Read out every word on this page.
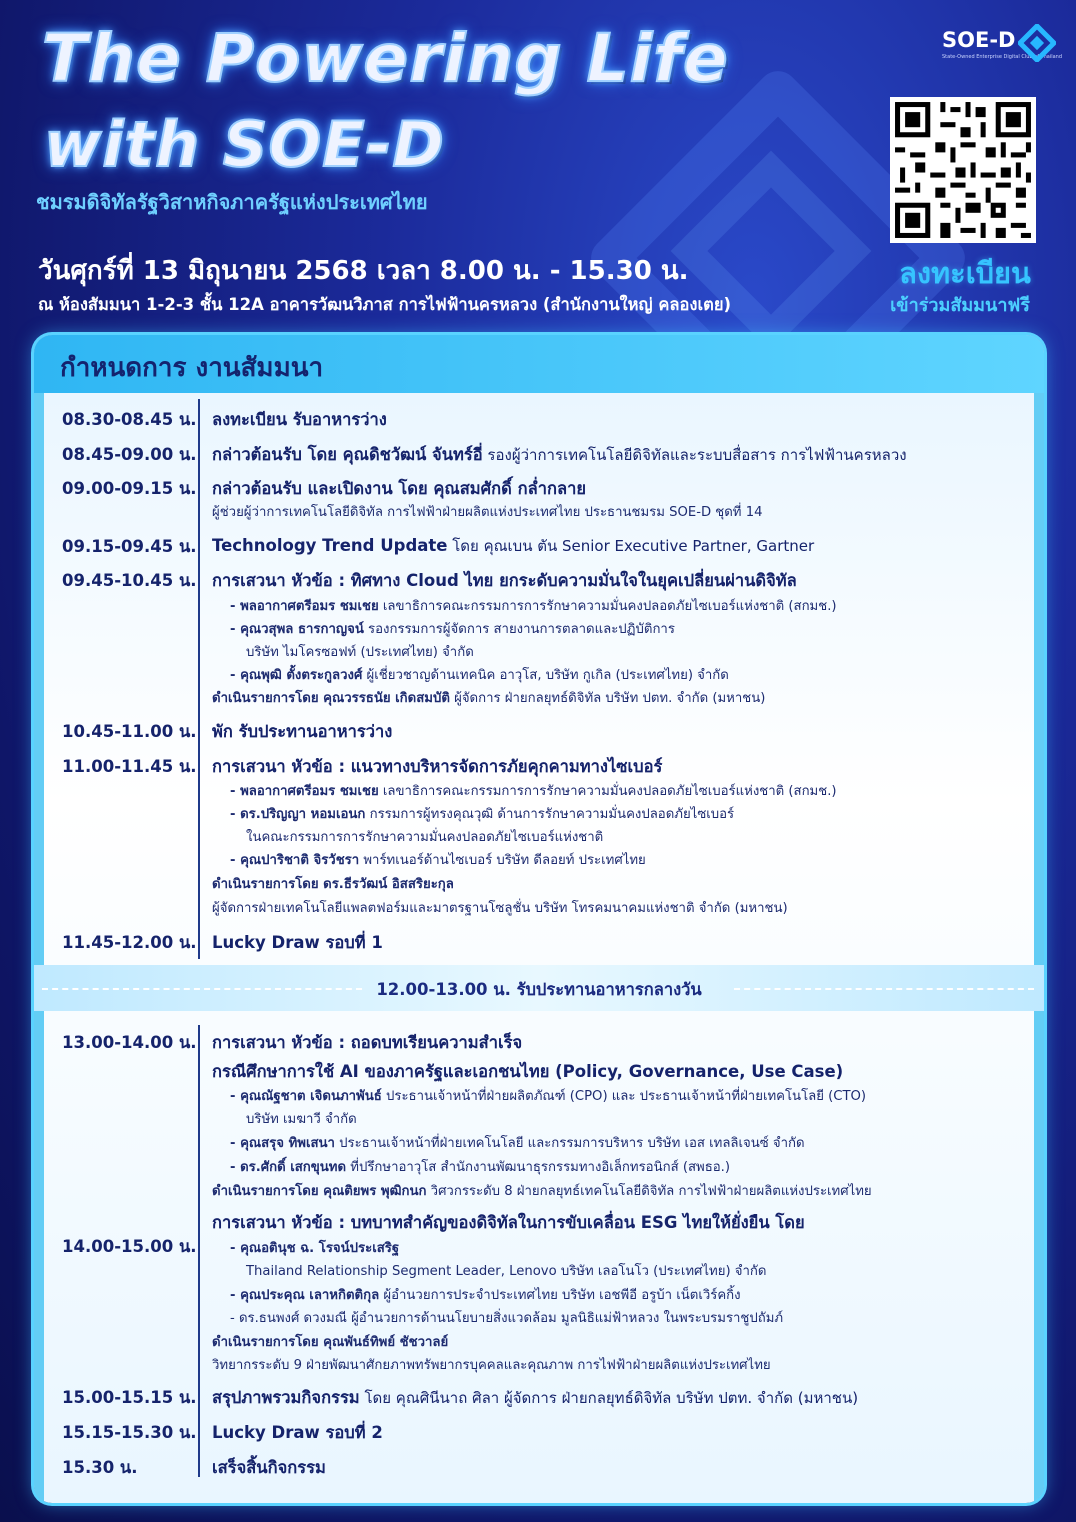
The Powering Life
with SOE-D
ชมรมดิจิทัลรัฐวิสาหกิจภาครัฐแห่งประเทศไทย
วันศุกร์ที่ 13 มิถุนายน 2568 เวลา 8.00 น. - 15.30 น.
ณ ห้องสัมมนา 1-2-3 ชั้น 12A อาคารวัฒนวิภาส การไฟฟ้านครหลวง (สำนักงานใหญ่ คลองเตย)
SOE-D
State-Owned Enterprise Digital Club of Thailand
ลงทะเบียน
เข้าร่วมสัมมนาฟรี
กำหนดการ งานสัมมนา
08.30-08.45 น. ลงทะเบียน รับอาหารว่าง
08.45-09.00 น. กล่าวต้อนรับ โดย คุณดิชวัฒน์ จันทร์อี่ รองผู้ว่าการเทคโนโลยีดิจิทัลและระบบสื่อสาร การไฟฟ้านครหลวง
09.00-09.15 น. กล่าวต้อนรับ และเปิดงาน โดย คุณสมศักดิ์ กล่ำกลาย
ผู้ช่วยผู้ว่าการเทคโนโลยีดิจิทัล การไฟฟ้าฝ่ายผลิตแห่งประเทศไทย ประธานชมรม SOE-D ชุดที่ 14
09.15-09.45 น. Technology Trend Update โดย คุณเบน ตัน Senior Executive Partner, Gartner
09.45-10.45 น. การเสวนา หัวข้อ : ทิศทาง Cloud ไทย ยกระดับความมั่นใจในยุคเปลี่ยนผ่านดิจิทัล
- พลอากาศตรีอมร ชมเชย เลขาธิการคณะกรรมการการรักษาความมั่นคงปลอดภัยไซเบอร์แห่งชาติ (สกมช.)
- คุณวสุพล ธารกาญจน์ รองกรรมการผู้จัดการ สายงานการตลาดและปฏิบัติการ
บริษัท ไมโครซอฟท์ (ประเทศไทย) จำกัด
- คุณพุฒิ ตั้งตระกูลวงศ์ ผู้เชี่ยวชาญด้านเทคนิค อาวุโส, บริษัท กูเกิล (ประเทศไทย) จำกัด
ดำเนินรายการโดย คุณวรรธนัย เกิดสมบัติ ผู้จัดการ ฝ่ายกลยุทธ์ดิจิทัล บริษัท ปตท. จำกัด (มหาชน)
10.45-11.00 น. พัก รับประทานอาหารว่าง
11.00-11.45 น. การเสวนา หัวข้อ : แนวทางบริหารจัดการภัยคุกคามทางไซเบอร์
- พลอากาศตรีอมร ชมเชย เลขาธิการคณะกรรมการการรักษาความมั่นคงปลอดภัยไซเบอร์แห่งชาติ (สกมช.)
- ดร.ปริญญา หอมเอนก กรรมการผู้ทรงคุณวุฒิ ด้านการรักษาความมั่นคงปลอดภัยไซเบอร์
ในคณะกรรมการการรักษาความมั่นคงปลอดภัยไซเบอร์แห่งชาติ
- คุณปาริชาติ จิรวัชรา พาร์ทเนอร์ด้านไซเบอร์ บริษัท ดีลอยท์ ประเทศไทย
ดำเนินรายการโดย ดร.ธีรวัฒน์ อิสสริยะกุล
ผู้จัดการฝ่ายเทคโนโลยีแพลตฟอร์มและมาตรฐานโซลูชั่น บริษัท โทรคมนาคมแห่งชาติ จำกัด (มหาชน)
11.45-12.00 น. Lucky Draw รอบที่ 1
12.00-13.00 น. รับประทานอาหารกลางวัน
13.00-14.00 น. การเสวนา หัวข้อ : ถอดบทเรียนความสำเร็จ
กรณีศึกษาการใช้ AI ของภาครัฐและเอกชนไทย (Policy, Governance, Use Case)
- คุณณัฐชาต เจิดนภาพันธ์ ประธานเจ้าหน้าที่ฝ่ายผลิตภัณฑ์ (CPO) และ ประธานเจ้าหน้าที่ฝ่ายเทคโนโลยี (CTO)
บริษัท เมฆาวี จำกัด
- คุณสรุจ ทิพเสนา ประธานเจ้าหน้าที่ฝ่ายเทคโนโลยี และกรรมการบริหาร บริษัท เอส เทลลิเจนซ์ จำกัด
- ดร.ศักดิ์ เสกขุนทด ที่ปรึกษาอาวุโส สำนักงานพัฒนาธุรกรรมทางอิเล็กทรอนิกส์ (สพธอ.)
ดำเนินรายการโดย คุณติยพร พุฒิกนก วิศวกรระดับ 8 ฝ่ายกลยุทธ์เทคโนโลยีดิจิทัล การไฟฟ้าฝ่ายผลิตแห่งประเทศไทย
การเสวนา หัวข้อ : บทบาทสำคัญของดิจิทัลในการขับเคลื่อน ESG ไทยให้ยั่งยืน โดย
14.00-15.00 น.	- คุณอตินุช ฉ. โรจน์ประเสริฐ
Thailand Relationship Segment Leader, Lenovo บริษัท เลอโนโว (ประเทศไทย) จำกัด
- คุณประคุณ เลาหกิตติกุล ผู้อำนวยการประจำประเทศไทย บริษัท เอชพีอี อรูบ้า เน็ตเวิร์คกิ้ง
- ดร.ธนพงศ์ ดวงมณี ผู้อำนวยการด้านนโยบายสิ่งแวดล้อม มูลนิธิแม่ฟ้าหลวง ในพระบรมราชูปถัมภ์
ดำเนินรายการโดย คุณพันธ์ทิพย์ ชัชวาลย์
วิทยากรระดับ 9 ฝ่ายพัฒนาศักยภาพทรัพยากรบุคคลและคุณภาพ การไฟฟ้าฝ่ายผลิตแห่งประเทศไทย
15.00-15.15 น. สรุปภาพรวมกิจกรรม โดย คุณศินีนาถ ศิลา ผู้จัดการ ฝ่ายกลยุทธ์ดิจิทัล บริษัท ปตท. จำกัด (มหาชน)
15.15-15.30 น. Lucky Draw รอบที่ 2
15.30 น.	เสร็จสิ้นกิจกรรม
